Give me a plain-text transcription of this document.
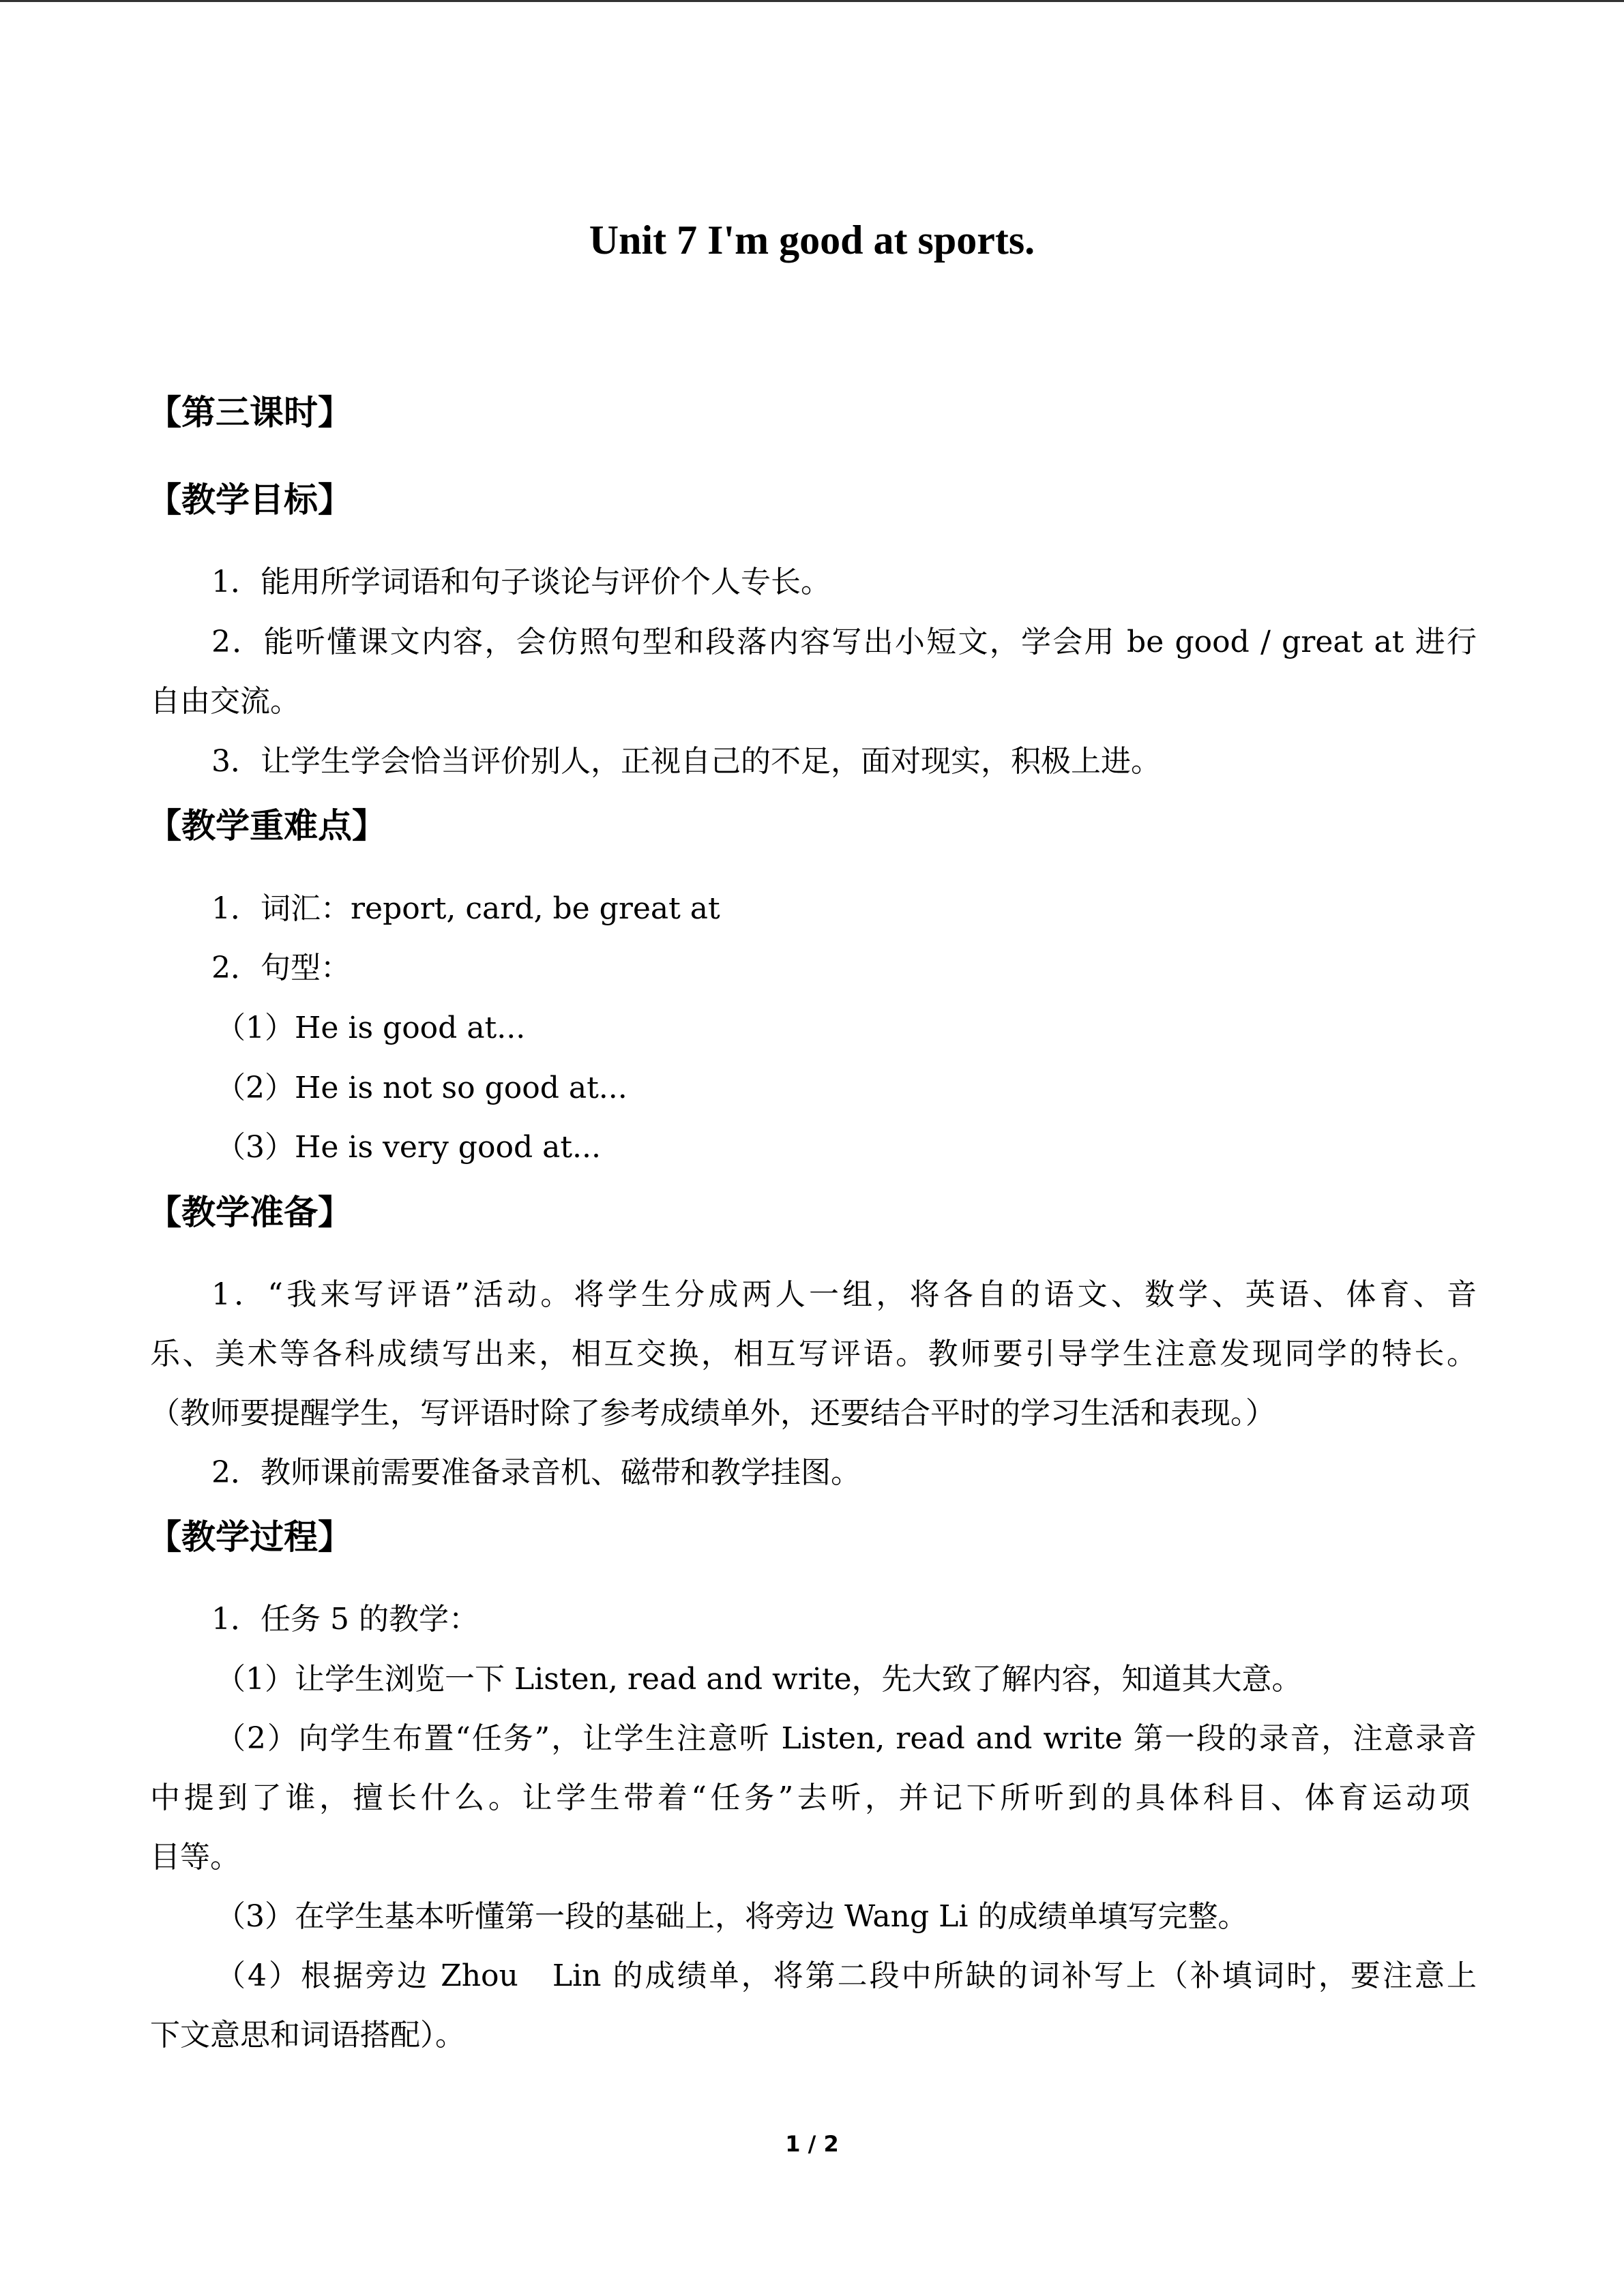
Unit 7 I'm good at sports.
【第三课时】
【教学目标】
1．能用所学词语和句子谈论与评价个人专长。
2．能听懂课文内容，会仿照句型和段落内容写出小短文，学会用 be good / great at 进行
自由交流。
3．让学生学会恰当评价别人，正视自己的不足，面对现实，积极上进。
【教学重难点】
1．词汇：report, card, be great at
2．句型：
（1）He is good at...
（2）He is not so good at...
（3）He is very good at...
【教学准备】
1．“我来写评语”活动。将学生分成两人一组，将各自的语文、数学、英语、体育、音
乐、美术等各科成绩写出来，相互交换，相互写评语。教师要引导学生注意发现同学的特长。
（教师要提醒学生，写评语时除了参考成绩单外，还要结合平时的学习生活和表现。）
2．教师课前需要准备录音机、磁带和教学挂图。
【教学过程】
1．任务 5 的教学：
（1）让学生浏览一下 Listen, read and write，先大致了解内容，知道其大意。
（2）向学生布置“任务”，让学生注意听 Listen, read and write 第一段的录音，注意录音
中提到了谁，擅长什么。让学生带着“任务”去听，并记下所听到的具体科目、体育运动项
目等。
（3）在学生基本听懂第一段的基础上，将旁边 Wang Li 的成绩单填写完整。
（4）根据旁边 Zhou　Lin 的成绩单，将第二段中所缺的词补写上（补填词时，要注意上
下文意思和词语搭配）。
1 / 2
